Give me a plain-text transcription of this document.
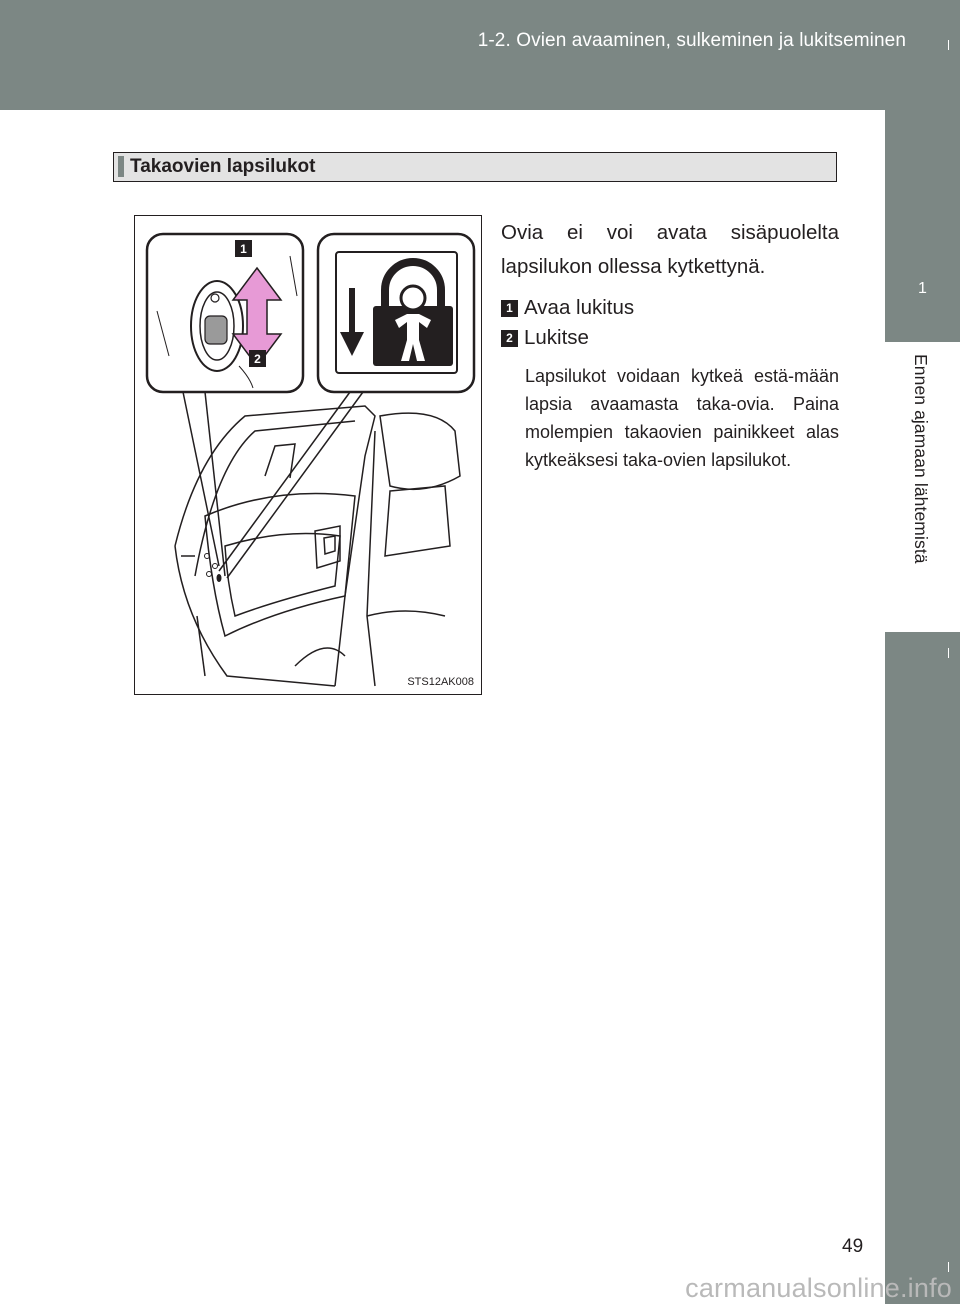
1-2. Ovien avaaminen, sulkeminen ja lukitseminen
1
Ennen ajamaan lähtemistä
Takaovien lapsilukot
1
2
STS12AK008

Ovia ei voi avata sisäpuolelta lapsilukon ollessa kytkettynä.

1 Avaa lukitus
2 Lukitse

Lapsilukot voidaan kytkeä estä-mään lapsia avaamasta taka-ovia. Paina molempien takaovien painikkeet alas kytkeäksesi taka-ovien lapsilukot.

49
carmanualsonline.info
